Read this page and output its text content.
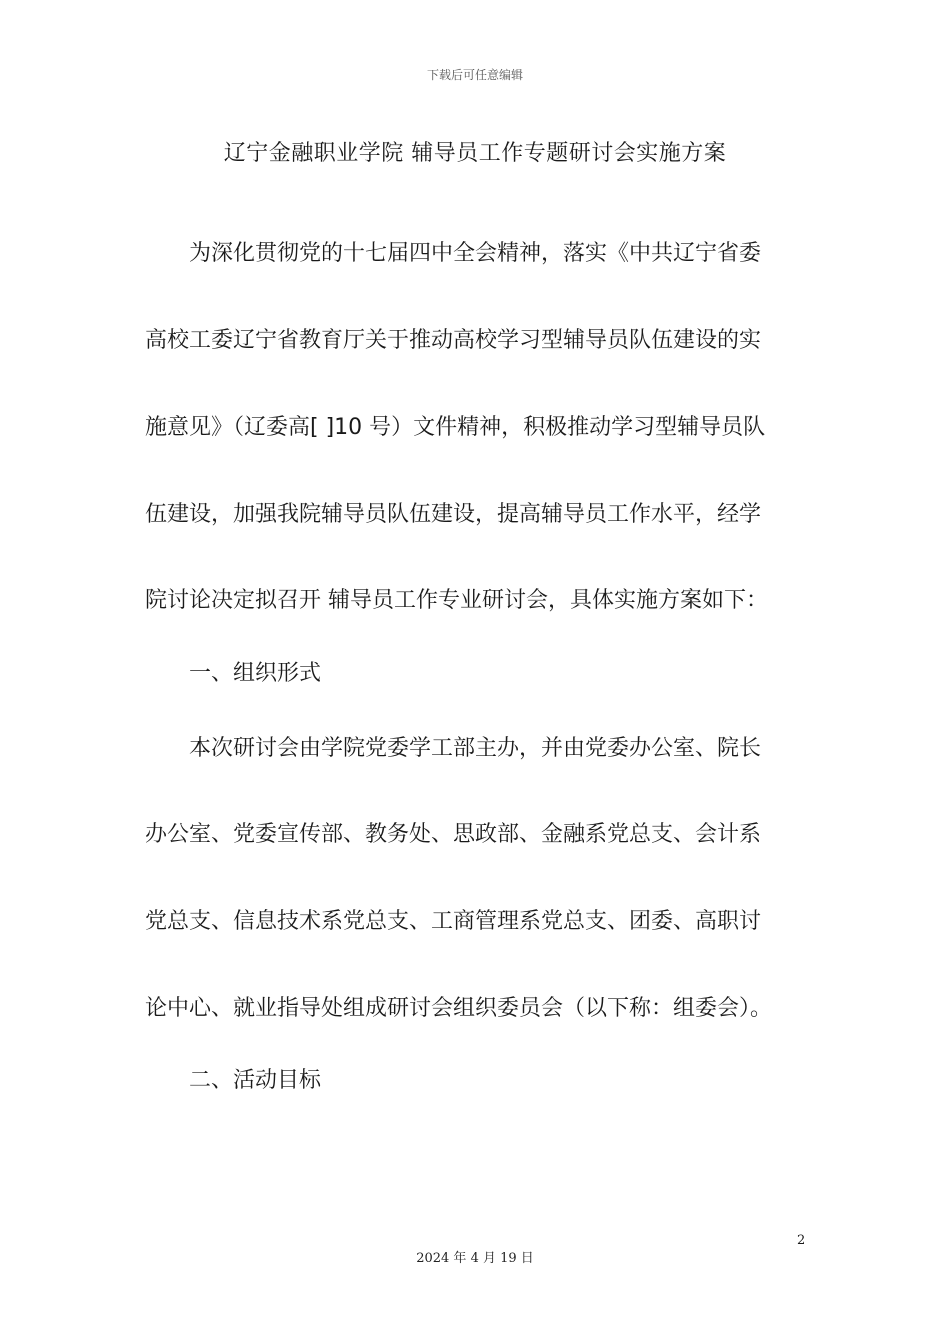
下载后可任意编辑
辽宁金融职业学院 辅导员工作专题研讨会实施方案
为深化贯彻党的十七届四中全会精神，落实《中共辽宁省委
高校工委辽宁省教育厅关于推动高校学习型辅导员队伍建设的实
施意见》（辽委高[ ]10 号）文件精神，积极推动学习型辅导员队
伍建设，加强我院辅导员队伍建设，提高辅导员工作水平，经学
院讨论决定拟召开 辅导员工作专业研讨会，具体实施方案如下：
一、组织形式
本次研讨会由学院党委学工部主办，并由党委办公室、院长
办公室、党委宣传部、教务处、思政部、金融系党总支、会计系
党总支、信息技术系党总支、工商管理系党总支、团委、高职讨
论中心、就业指导处组成研讨会组织委员会（以下称：组委会）。
二、活动目标
2
2024 年 4 月 19 日
